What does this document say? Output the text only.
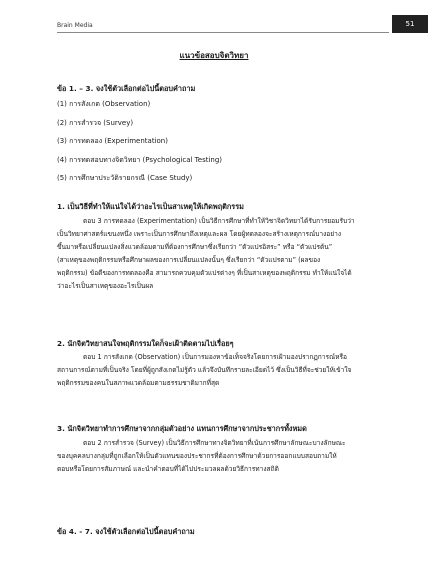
Brain Media	51
แนวข้อสอบจิตวิทยา
ข้อ 1. – 3. จงใช้ตัวเลือกต่อไปนี้ตอบคำถาม
(1) การสังเกต (Observation)
(2) การสำรวจ (Survey)
(3) การทดลอง (Experimentation)
(4) การทดสอบทางจิตวิทยา (Psychological Testing)
(5) การศึกษาประวัติรายกรณี (Case Study)
1. เป็นวิธีที่ทำให้แน่ใจได้ว่าอะไรเป็นสาเหตุให้เกิดพฤติกรรม
ตอบ 3 การทดลอง (Experimentation) เป็นวิธีการศึกษาที่ทำให้วิชาจิตวิทยาได้รับการยอมรับว่า
เป็นวิทยาศาสตร์แขนงหนึ่ง เพราะเป็นการศึกษาถึงเหตุและผล โดยผู้ทดลองจะสร้างเหตุการณ์บางอย่าง
ขึ้นมาหรือเปลี่ยนแปลงสิ่งแวดล้อมตามที่ต้องการศึกษาซึ่งเรียกว่า “ตัวแปรอิสระ” หรือ “ตัวแปรต้น”
(สาเหตุของพฤติกรรมหรือศึกษาผลของการเปลี่ยนแปลงนั้นๆ ซึ่งเรียกว่า “ตัวแปรตาม” (ผลของ
พฤติกรรม) ข้อดีของการทดลองคือ สามารถควบคุมตัวแปรต่างๆ ที่เป็นสาเหตุของพฤติกรรม ทำให้แน่ใจได้
ว่าอะไรเป็นสาเหตุของอะไรเป็นผล
2. นักจิตวิทยาสนใจพฤติกรรมใดก็จะเฝ้าติดตามไปเรื่อยๆ
ตอบ 1 การสังเกต (Observation) เป็นการมองหาข้อเท็จจริงโดยการเฝ้ามองปรากฏการณ์หรือ
สถานการณ์ตามที่เป็นจริง โดยที่ผู้ถูกสังเกตไม่รู้ตัว แล้วจึงบันทึกรายละเอียดไว้ ซึ่งเป็นวิธีที่จะช่วยให้เข้าใจ
พฤติกรรมของคนในสภาพแวดล้อมตามธรรมชาติมากที่สุด
3. นักจิตวิทยาทำการศึกษาจากกลุ่มตัวอย่าง แทนการศึกษาจากประชากรทั้งหมด
ตอบ 2 การสำรวจ (Survey) เป็นวิธีการศึกษาทางจิตวิทยาที่เน้นการศึกษาลักษณะบางลักษณะ
ของบุคคลบางกลุ่มที่ถูกเลือกให้เป็นตัวแทนของประชากรที่ต้องการศึกษาด้วยการออกแบบสอบถามให้
ตอบหรือโดยการสัมภาษณ์ และนำคำตอบที่ได้ไปประมวลผลด้วยวิธีการทางสถิติ
ข้อ 4. - 7. จงใช้ตัวเลือกต่อไปนี้ตอบคำถาม
